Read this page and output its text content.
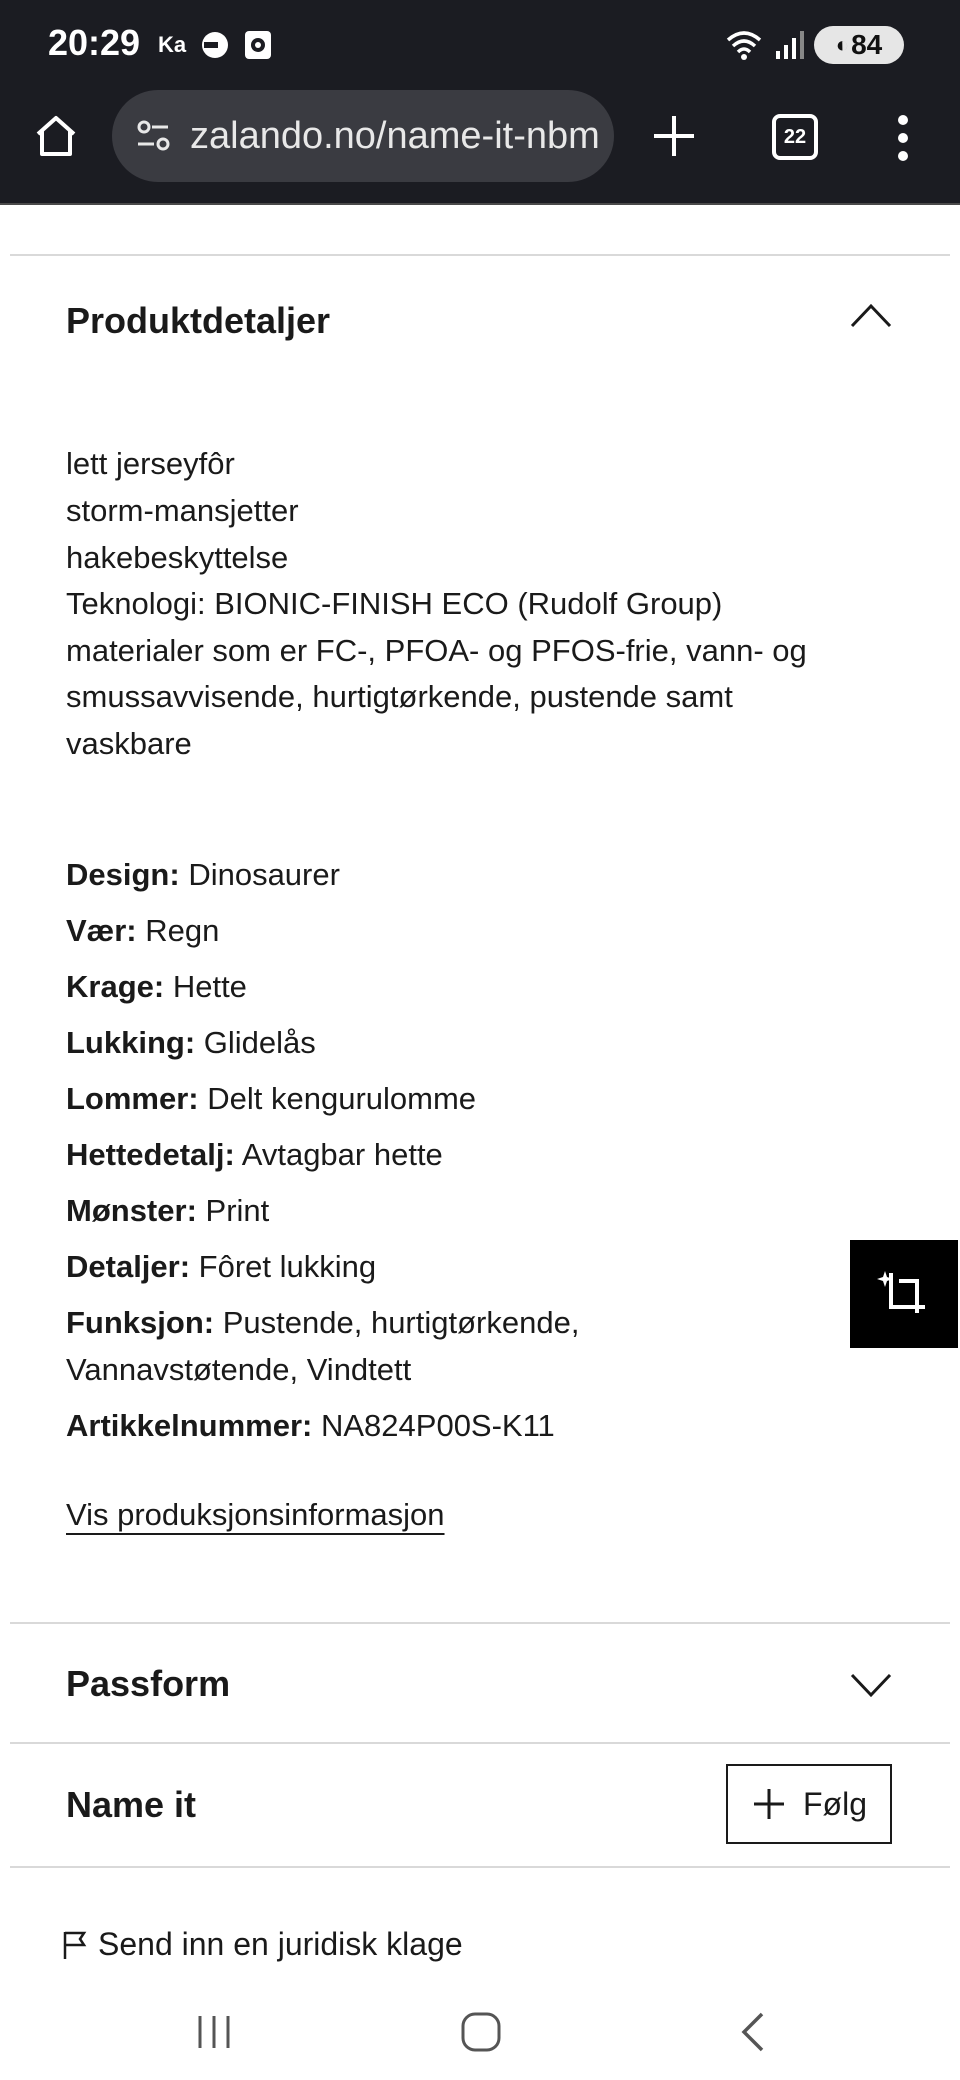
20:29 Ka	◐ 84
zalando.no/name-it-nbm	22
Produktdetaljer
lett jerseyfôr
storm-mansjetter
hakebeskyttelse
Teknologi: BIONIC-FINISH ECO (Rudolf Group)
materialer som er FC-, PFOA- og PFOS-frie, vann- og
smussavvisende, hurtigtørkende, pustende samt
vaskbare
Design: Dinosaurer
Vær: Regn
Krage: Hette
Lukking: Glidelås
Lommer: Delt kengurulomme
Hettedetalj: Avtagbar hette
Mønster: Print
Detaljer: Fôret lukking
Funksjon: Pustende, hurtigtørkende,
Vannavstøtende, Vindtett
Artikkelnummer: NA824P00S-K11
Vis produksjonsinformasjon
Passform
Name it	Følg
Send inn en juridisk klage
